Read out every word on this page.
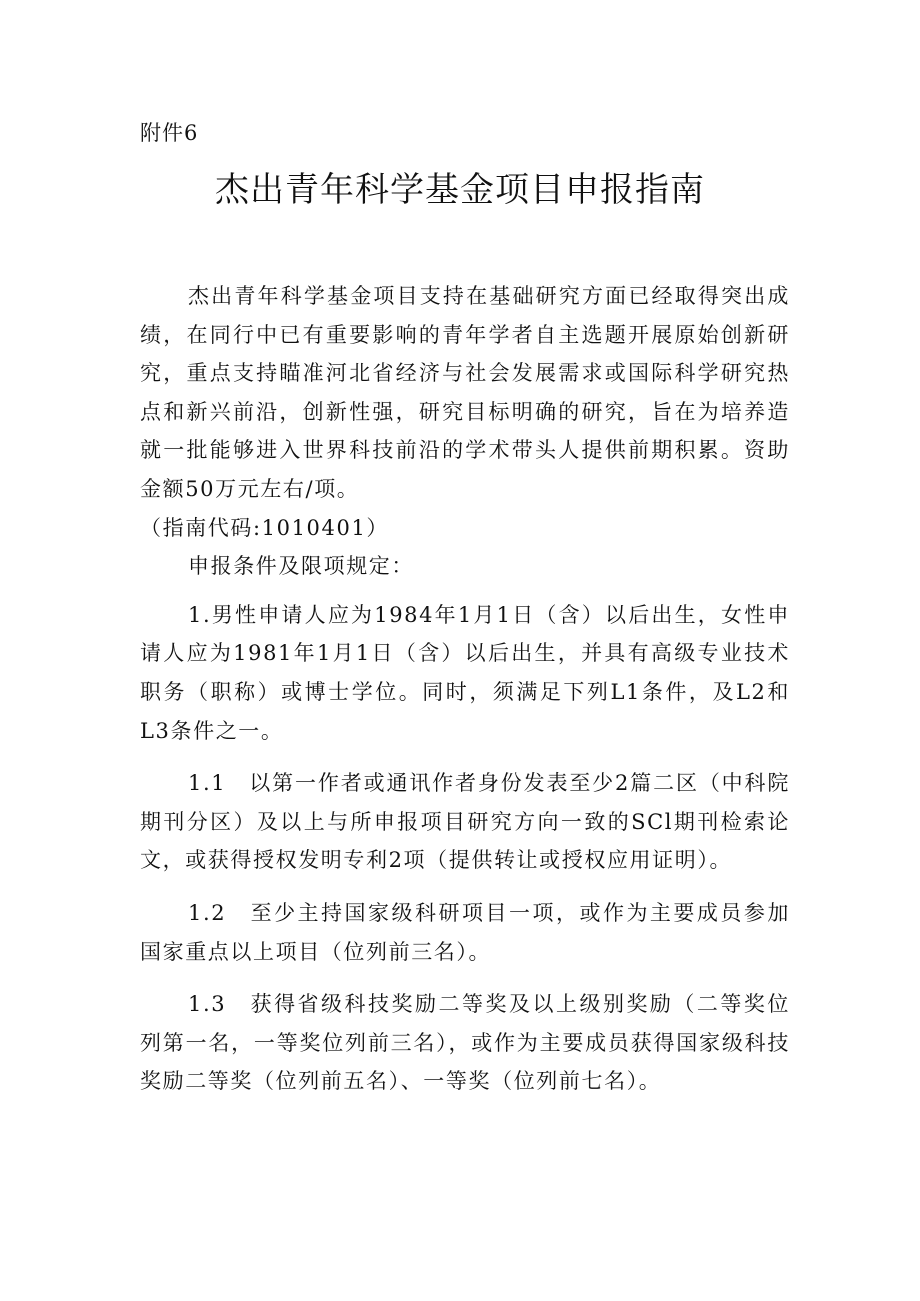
附件6
杰出青年科学基金项目申报指南

杰出青年科学基金项目支持在基础研究方面已经取得突出成绩，在同行中已有重要影响的青年学者自主选题开展原始创新研究，重点支持瞄准河北省经济与社会发展需求或国际科学研究热点和新兴前沿，创新性强，研究目标明确的研究，旨在为培养造就一批能够进入世界科技前沿的学术带头人提供前期积累。资助金额50万元左右/项。

（指南代码:1010401）

申报条件及限项规定：

1.男性申请人应为1984年1月1日（含）以后出生，女性申请人应为1981年1月1日（含）以后出生，并具有高级专业技术职务（职称）或博士学位。同时，须满足下列L1条件，及L2和L3条件之一。

1.1　以第一作者或通讯作者身份发表至少2篇二区（中科院期刊分区）及以上与所申报项目研究方向一致的SCl期刊检索论文，或获得授权发明专利2项（提供转让或授权应用证明）。

1.2　至少主持国家级科研项目一项，或作为主要成员参加国家重点以上项目（位列前三名）。

1.3　获得省级科技奖励二等奖及以上级别奖励（二等奖位列第一名，一等奖位列前三名），或作为主要成员获得国家级科技奖励二等奖（位列前五名）、一等奖（位列前七名）。
